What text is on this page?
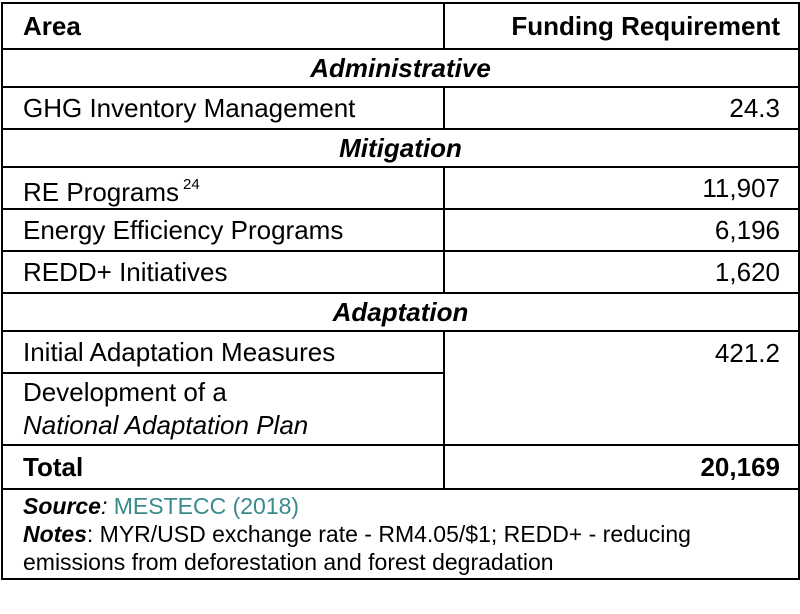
Area	Funding Requirement
Administrative	
GHG Inventory Management	24.3
Mitigation	
RE Programs $^{24}$	11,907
Energy Efficiency Programs	6,196
REDD+ Initiatives	1,620
Adaptation	
Initial Adaptation Measures	421.2
Development of a
National Adaptation Plan	
Total	20,169
Source: MESTECC (2018)
Notes: MYR/USD exchange rate - RM4.05/$1; REDD+ - reducing emissions from deforestation and forest degradation	
